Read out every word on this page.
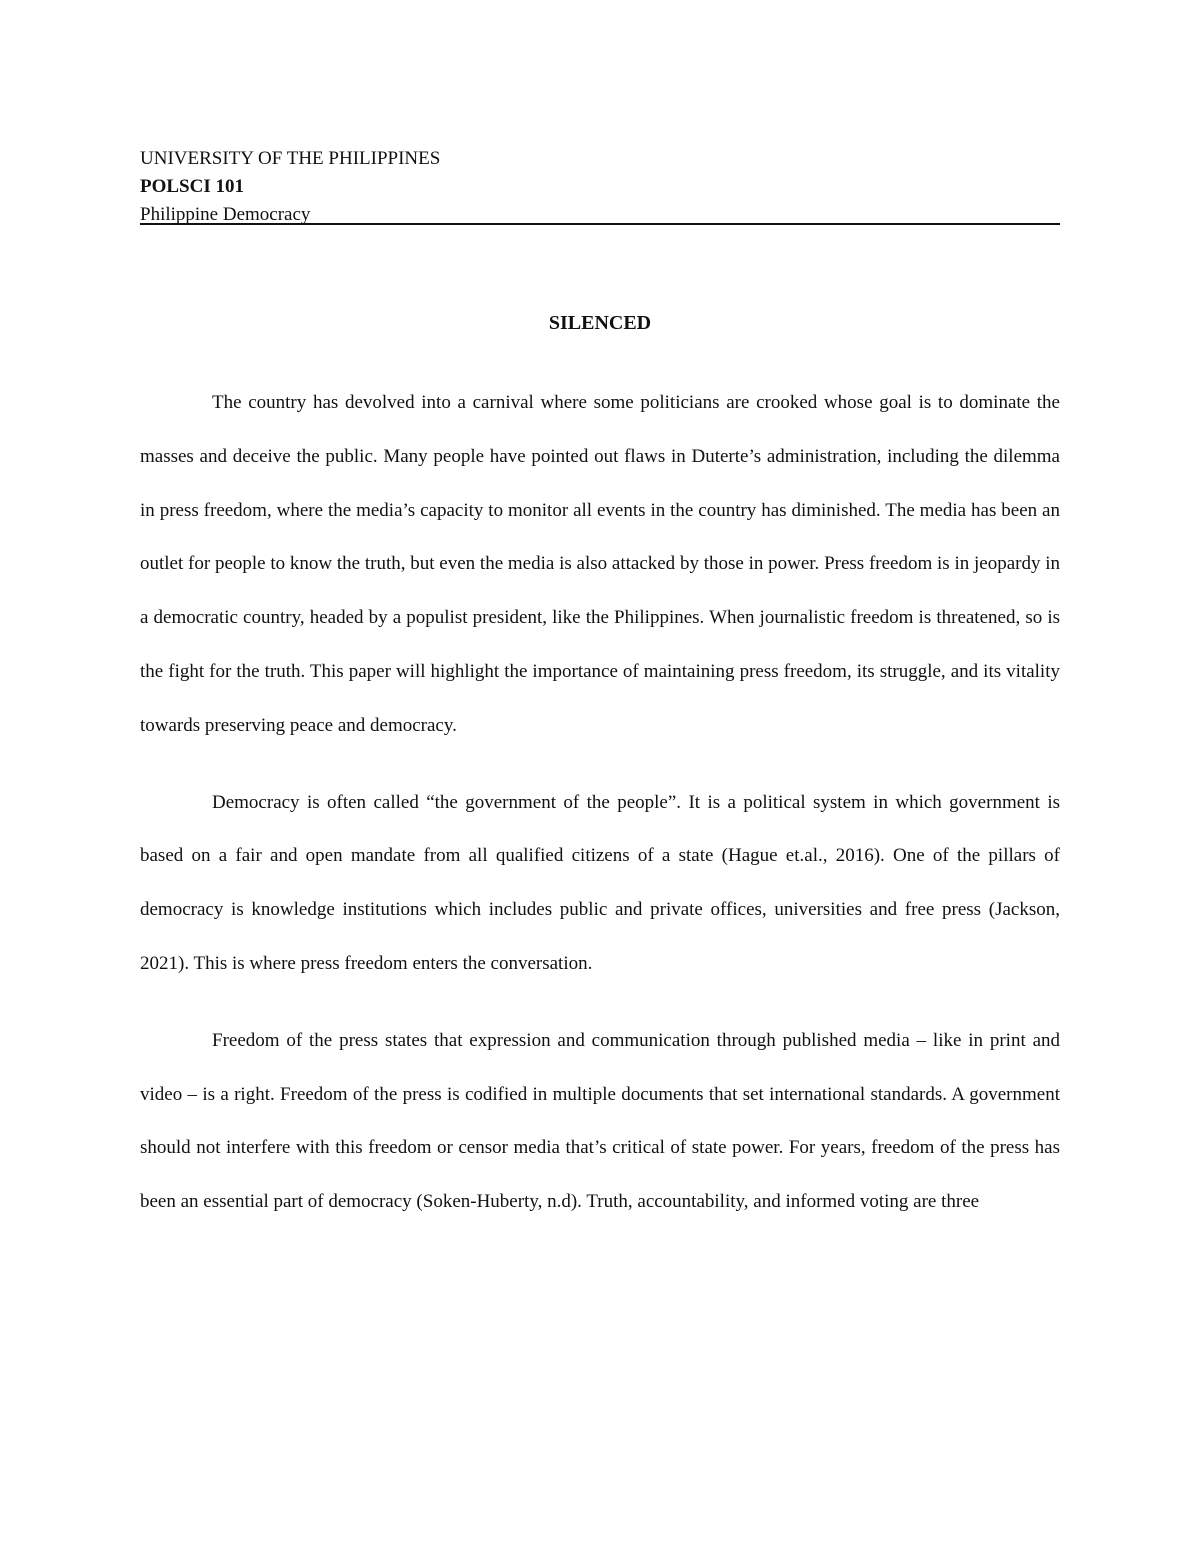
UNIVERSITY OF THE PHILIPPINES
POLSCI 101
Philippine Democracy
SILENCED

The country has devolved into a carnival where some politicians are crooked whose goal is to dominate the masses and deceive the public. Many people have pointed out flaws in Duterte’s administration, including the dilemma in press freedom, where the media’s capacity to monitor all events in the country has diminished. The media has been an outlet for people to know the truth, but even the media is also attacked by those in power. Press freedom is in jeopardy in a democratic country, headed by a populist president, like the Philippines. When journalistic freedom is threatened, so is the fight for the truth. This paper will highlight the importance of maintaining press freedom, its struggle, and its vitality towards preserving peace and democracy.

Democracy is often called “the government of the people”. It is a political system in which government is based on a fair and open mandate from all qualified citizens of a state (Hague et.al., 2016). One of the pillars of democracy is knowledge institutions which includes public and private offices, universities and free press (Jackson, 2021). This is where press freedom enters the conversation.

Freedom of the press states that expression and communication through published media – like in print and video – is a right. Freedom of the press is codified in multiple documents that set international standards. A government should not interfere with this freedom or censor media that’s critical of state power. For years, freedom of the press has been an essential part of democracy (Soken-Huberty, n.d). Truth, accountability, and informed voting are three
